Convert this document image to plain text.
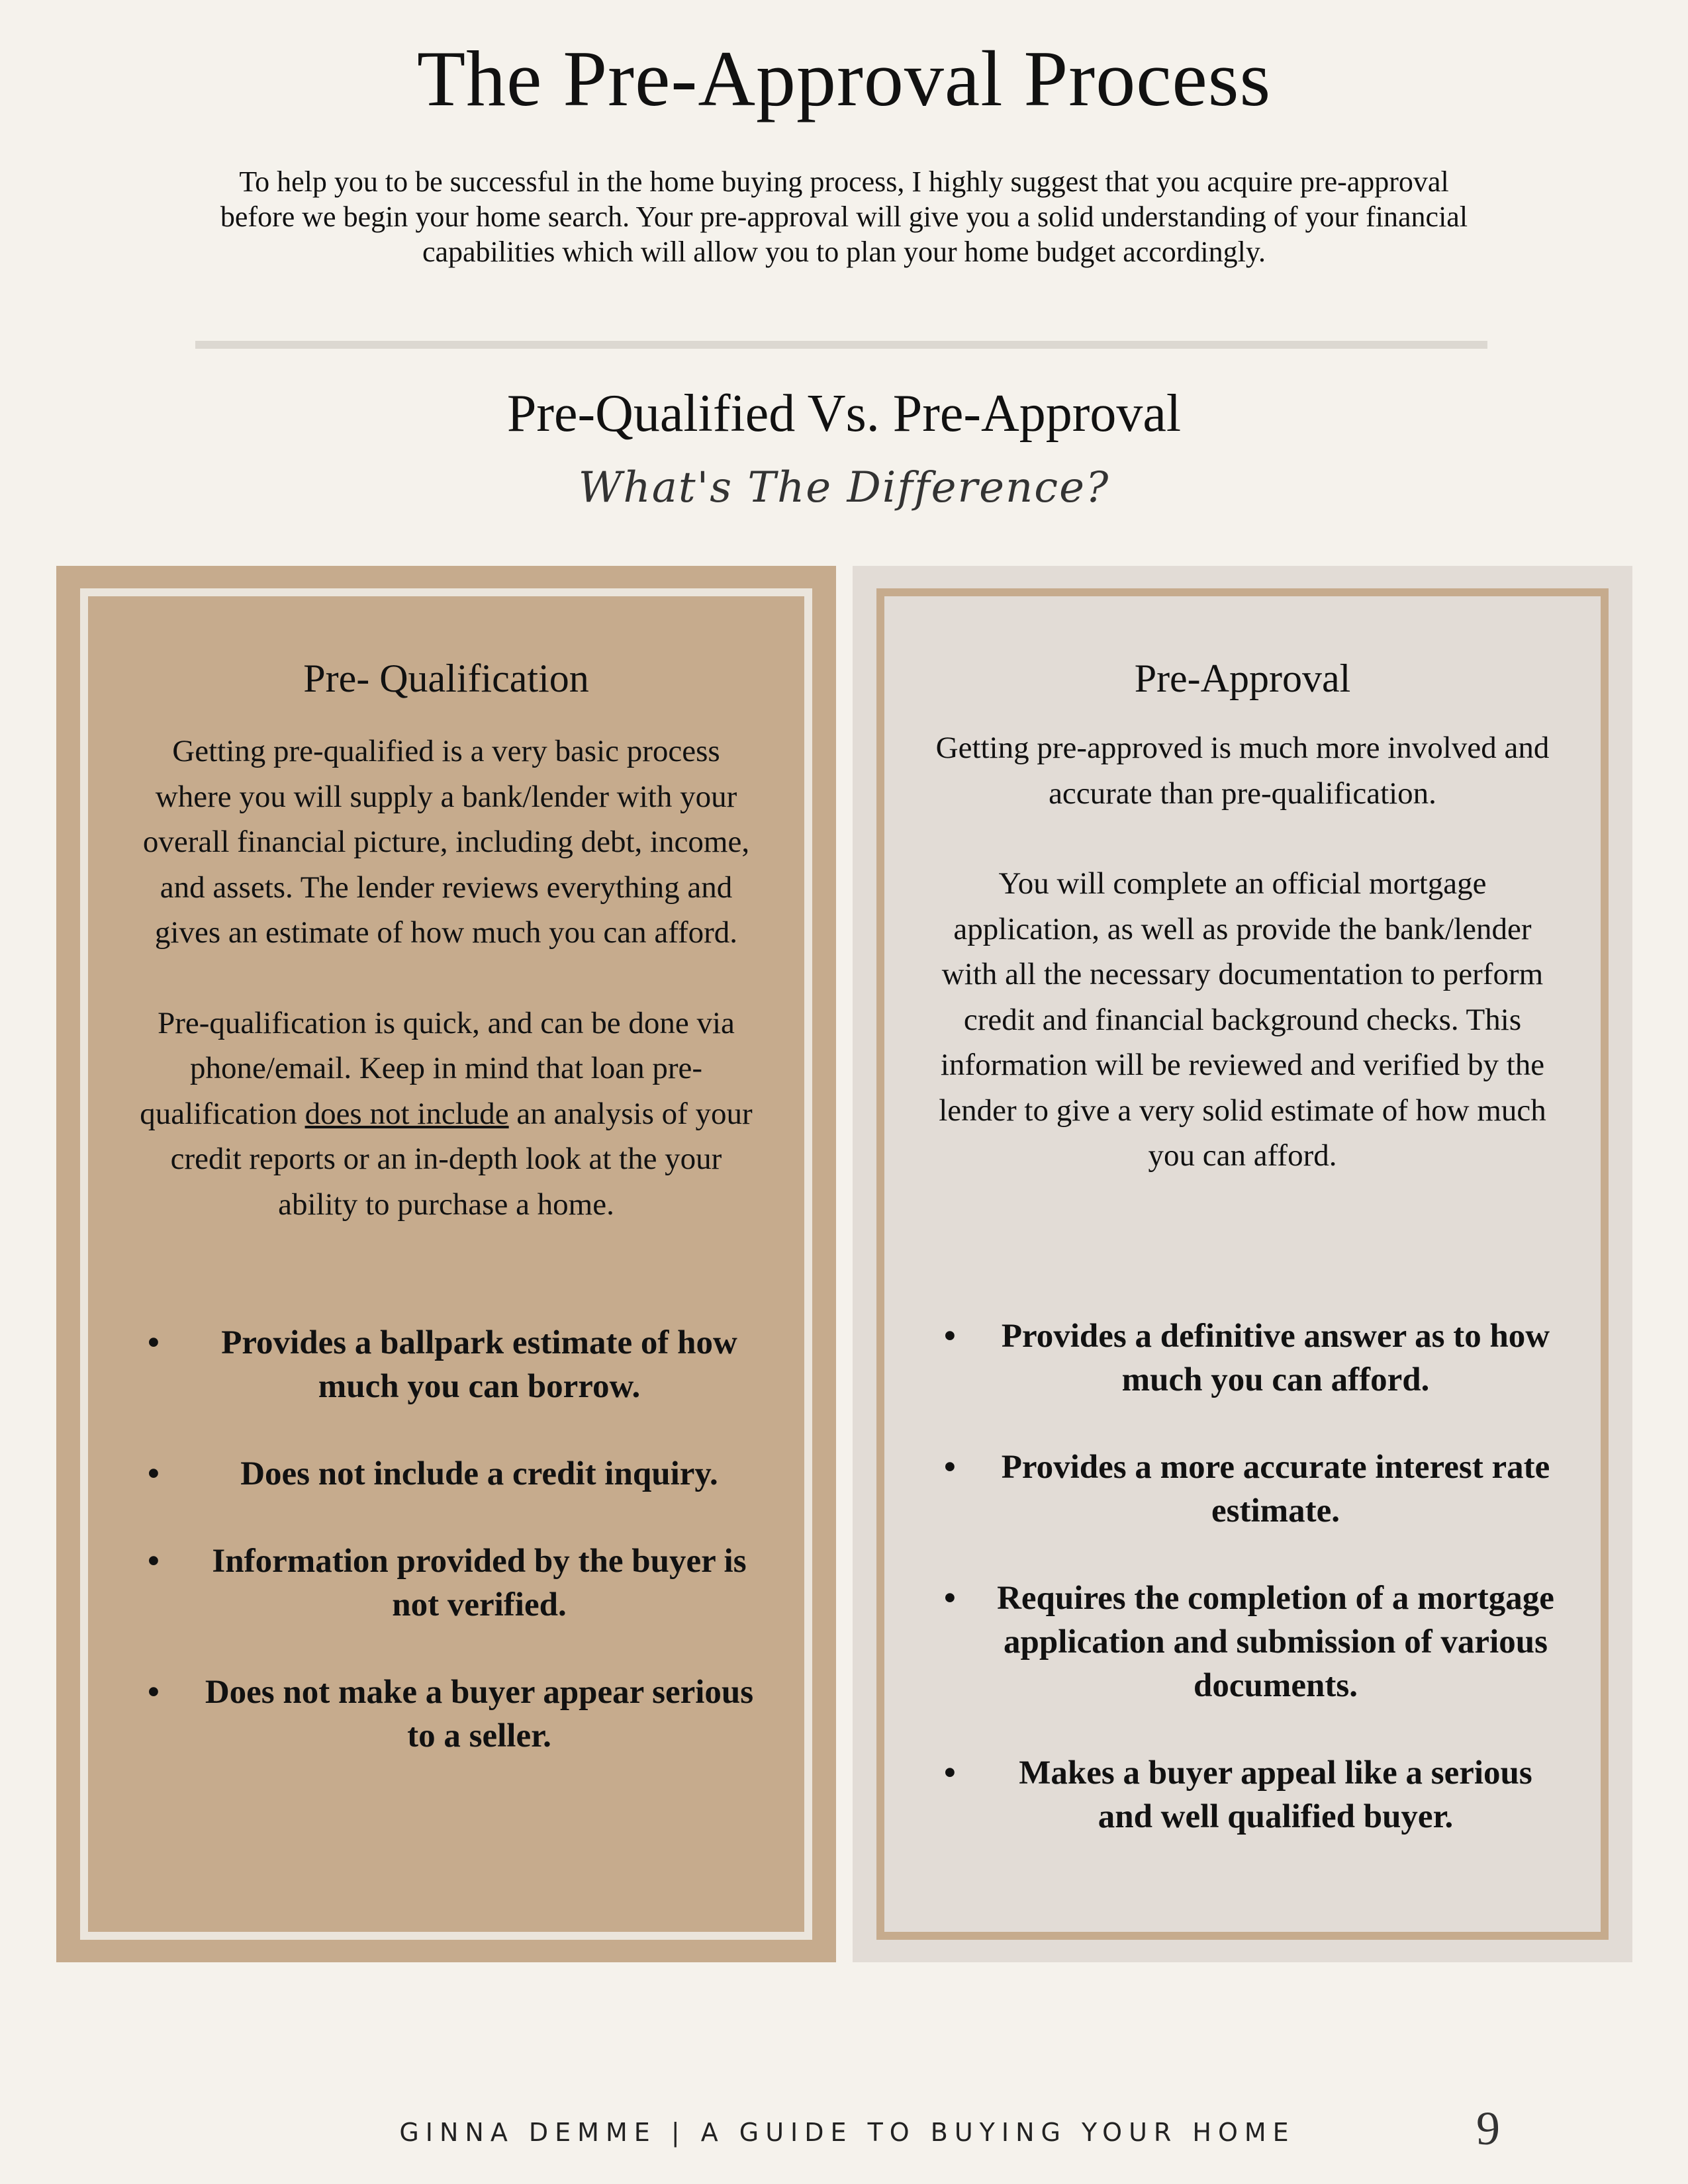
The Pre-Approval Process
To help you to be successful in the home buying process, I highly suggest that you acquire pre-approval before we begin your home search. Your pre-approval will give you a solid understanding of your financial capabilities which will allow you to plan your home budget accordingly.
Pre-Qualified Vs. Pre-Approval
What's The Difference?
Pre- Qualification

Getting pre-qualified is a very basic process where you will supply a bank/lender with your overall financial picture, including debt, income, and assets. The lender reviews everything and gives an estimate of how much you can afford.

Pre-qualification is quick, and can be done via phone/email. Keep in mind that loan pre-qualification does not include an analysis of your credit reports or an in-depth look at the your ability to purchase a home.

• Provides a ballpark estimate of how much you can borrow.
• Does not include a credit inquiry.
• Information provided by the buyer is not verified.
• Does not make a buyer appear serious to a seller.
Pre-Approval

Getting pre-approved is much more involved and accurate than pre-qualification.

You will complete an official mortgage application, as well as provide the bank/lender with all the necessary documentation to perform credit and financial background checks. This information will be reviewed and verified by the lender to give a very solid estimate of how much you can afford.

• Provides a definitive answer as to how much you can afford.
• Provides a more accurate interest rate estimate.
• Requires the completion of a mortgage application and submission of various documents.
• Makes a buyer appeal like a serious and well qualified buyer.
GINNA DEMME | A GUIDE TO BUYING YOUR HOME	9
